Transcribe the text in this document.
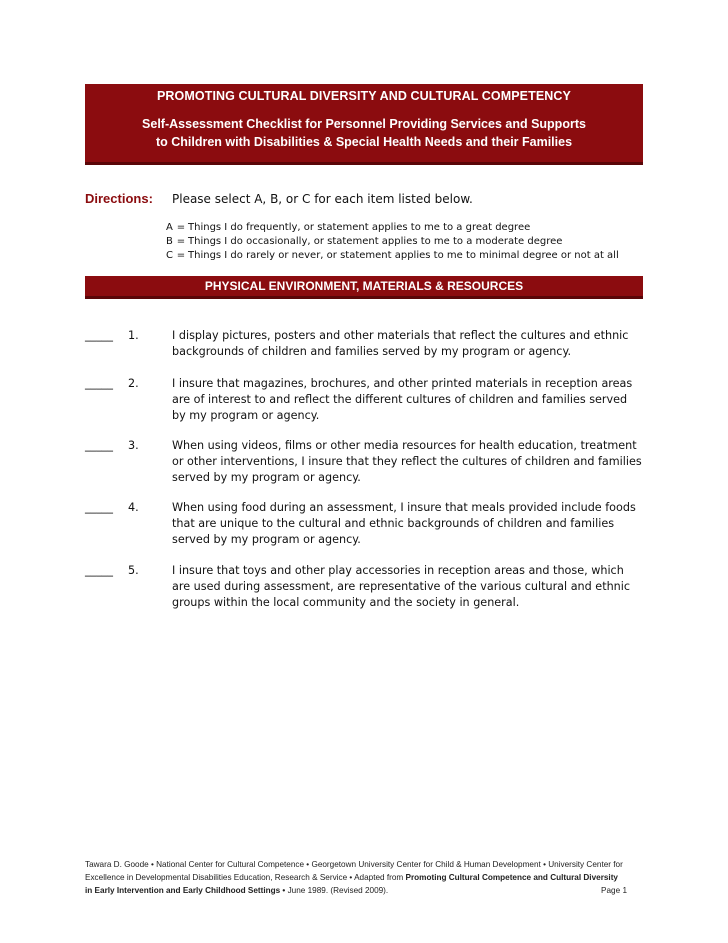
PROMOTING CULTURAL DIVERSITY AND CULTURAL COMPETENCY
Self-Assessment Checklist for Personnel Providing Services and Supports
to Children with Disabilities & Special Health Needs and their Families
Directions: Please select A, B, or C for each item listed below.
A = Things I do frequently, or statement applies to me to a great degree
B = Things I do occasionally, or statement applies to me to a moderate degree
C = Things I do rarely or never, or statement applies to me to minimal degree or not at all
PHYSICAL ENVIRONMENT, MATERIALS & RESOURCES
_____ 1.	I display pictures, posters and other materials that reflect the cultures and ethnic backgrounds of children and families served by my program or agency.
_____ 2.	I insure that magazines, brochures, and other printed materials in reception areas are of interest to and reflect the different cultures of children and families served by my program or agency.
_____ 3.	When using videos, films or other media resources for health education, treatment or other interventions, I insure that they reflect the cultures of children and families served by my program or agency.
_____ 4.	When using food during an assessment, I insure that meals provided include foods that are unique to the cultural and ethnic backgrounds of children and families served by my program or agency.
_____ 5.	I insure that toys and other play accessories in reception areas and those, which are used during assessment, are representative of the various cultural and ethnic groups within the local community and the society in general.
Tawara D. Goode • National Center for Cultural Competence • Georgetown University Center for Child & Human Development • University Center for Excellence in Developmental Disabilities Education, Research & Service • Adapted from Promoting Cultural Competence and Cultural Diversity in Early Intervention and Early Childhood Settings • June 1989. (Revised 2009).	Page 1
